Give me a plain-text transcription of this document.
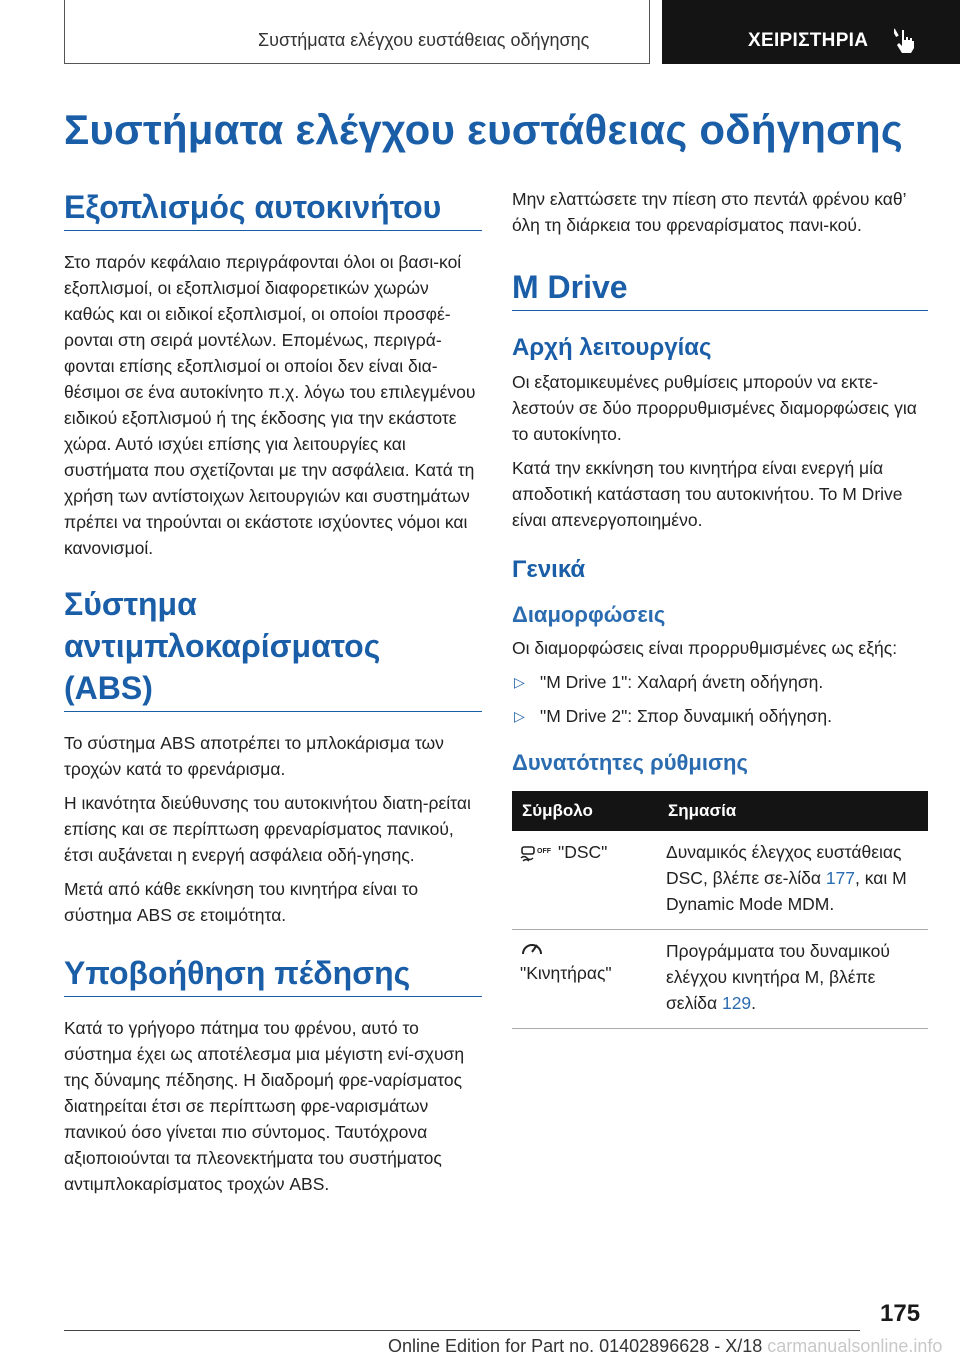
Συστήματα ελέγχου ευστάθειας οδήγησης	ΧΕΙΡΙΣΤΗΡΙΑ
Συστήματα ελέγχου ευστάθειας οδήγησης
Εξοπλισμός αυτοκινήτου

Στο παρόν κεφάλαιο περιγράφονται όλοι οι βασι-κοί εξοπλισμοί, οι εξοπλισμοί διαφορετικών χωρών καθώς και οι ειδικοί εξοπλισμοί, οι οποίοι προσφέ-ρονται στη σειρά μοντέλων. Επομένως, περιγρά-φονται επίσης εξοπλισμοί οι οποίοι δεν είναι δια-θέσιμοι σε ένα αυτοκίνητο π.χ. λόγω του επιλεγμένου ειδικού εξοπλισμού ή της έκδοσης για την εκάστοτε χώρα. Αυτό ισχύει επίσης για λειτουργίες και συστήματα που σχετίζονται με την ασφάλεια. Κατά τη χρήση των αντίστοιχων λειτουργιών και συστημάτων πρέπει να τηρούνται οι εκάστοτε ισχύοντες νόμοι και κανονισμοί.

Σύστημα
αντιμπλοκαρίσματος
(ABS)

Το σύστημα ABS αποτρέπει το μπλοκάρισμα των τροχών κατά το φρενάρισμα.

Η ικανότητα διεύθυνσης του αυτοκινήτου διατη-ρείται επίσης και σε περίπτωση φρεναρίσματος πανικού, έτσι αυξάνεται η ενεργή ασφάλεια οδή-γησης.

Μετά από κάθε εκκίνηση του κινητήρα είναι το σύστημα ABS σε ετοιμότητα.

Υποβοήθηση πέδησης

Κατά το γρήγορο πάτημα του φρένου, αυτό το σύστημα έχει ως αποτέλεσμα μια μέγιστη ενί-σχυση της δύναμης πέδησης. Η διαδρομή φρε-ναρίσματος διατηρείται έτσι σε περίπτωση φρε-ναρισμάτων πανικού όσο γίνεται πιο σύντομος. Ταυτόχρονα αξιοποιούνται τα πλεονεκτήματα του συστήματος αντιμπλοκαρίσματος τροχών ABS.

Μην ελαττώσετε την πίεση στο πεντάλ φρένου καθ’ όλη τη διάρκεια του φρεναρίσματος πανι-κού.

M Drive
Αρχή λειτουργίας

Οι εξατομικευμένες ρυθμίσεις μπορούν να εκτε-λεστούν σε δύο προρρυθμισμένες διαμορφώσεις για το αυτοκίνητο.

Κατά την εκκίνηση του κινητήρα είναι ενεργή μία αποδοτική κατάσταση του αυτοκινήτου. Το M Drive είναι απενεργοποιημένο.

Γενικά
Διαμορφώσεις

Οι διαμορφώσεις είναι προρρυθμισμένες ως εξής:

▷ "M Drive 1": Χαλαρή άνετη οδήγηση.
▷ "M Drive 2": Σπορ δυναμική οδήγηση.
Δυνατότητες ρύθμισης
Σύμβολο	Σημασία

OFF "DSC"	Δυναμικός έλεγχος ευστάθειας DSC, βλέπε σε-λίδα 177, και M Dynamic Mode MDM.

"Κινητήρας"	Προγράμματα του δυναμικού ελέγχου κινητήρα M, βλέπε σελίδα 129.
175
Online Edition for Part no. 01402896628 - X/18 carmanualsonline.info
